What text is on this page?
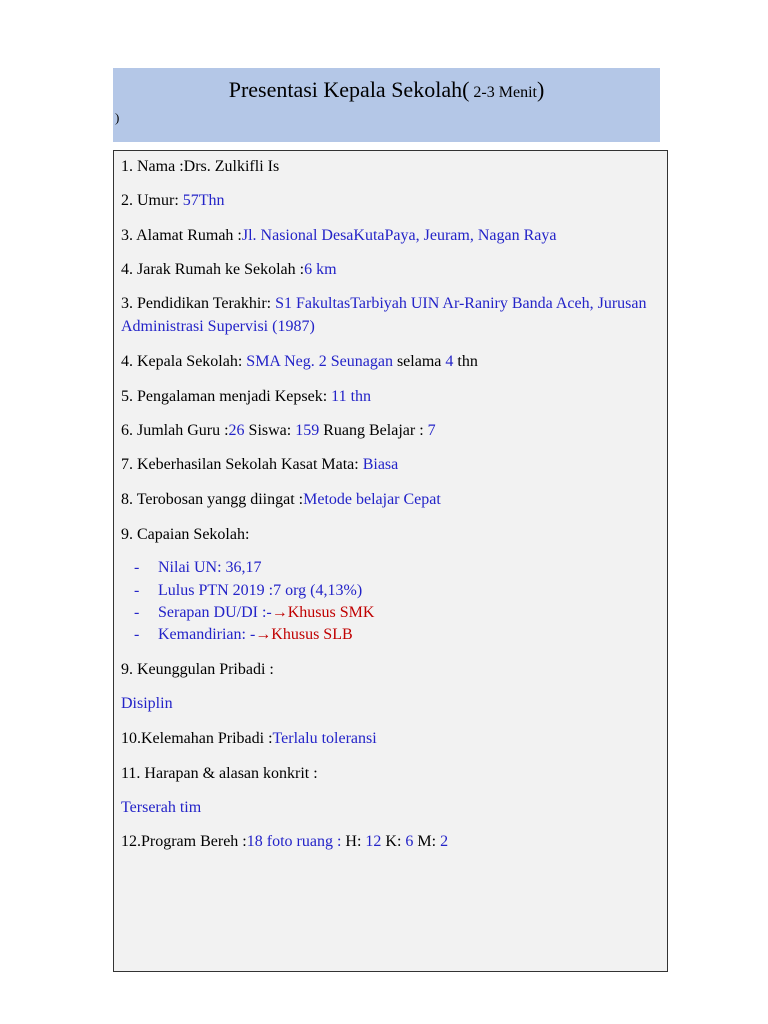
Presentasi Kepala Sekolah( 2-3 Menit)
)
1. Nama :Drs. Zulkifli Is
2. Umur: 57Thn
3. Alamat Rumah :Jl. Nasional DesaKutaPaya, Jeuram, Nagan Raya
4. Jarak Rumah ke Sekolah :6 km
3. Pendidikan Terakhir: S1 FakultasTarbiyah UIN Ar-Raniry Banda Aceh, Jurusan Administrasi Supervisi (1987)
4. Kepala Sekolah: SMA Neg. 2 Seunagan selama 4 thn
5. Pengalaman menjadi Kepsek: 11 thn
6. Jumlah Guru :26 Siswa: 159 Ruang Belajar : 7
7. Keberhasilan Sekolah Kasat Mata: Biasa
8. Terobosan yangg diingat :Metode belajar Cepat
9. Capaian Sekolah:
- Nilai UN: 36,17
- Lulus PTN 2019 :7 org (4,13%)
- Serapan DU/DI :-→Khusus SMK
- Kemandirian: -→Khusus SLB
9. Keunggulan Pribadi :
Disiplin
10.Kelemahan Pribadi :Terlalu toleransi
11. Harapan & alasan konkrit :
Terserah tim
12.Program Bereh :18 foto ruang : H: 12 K: 6 M: 2
